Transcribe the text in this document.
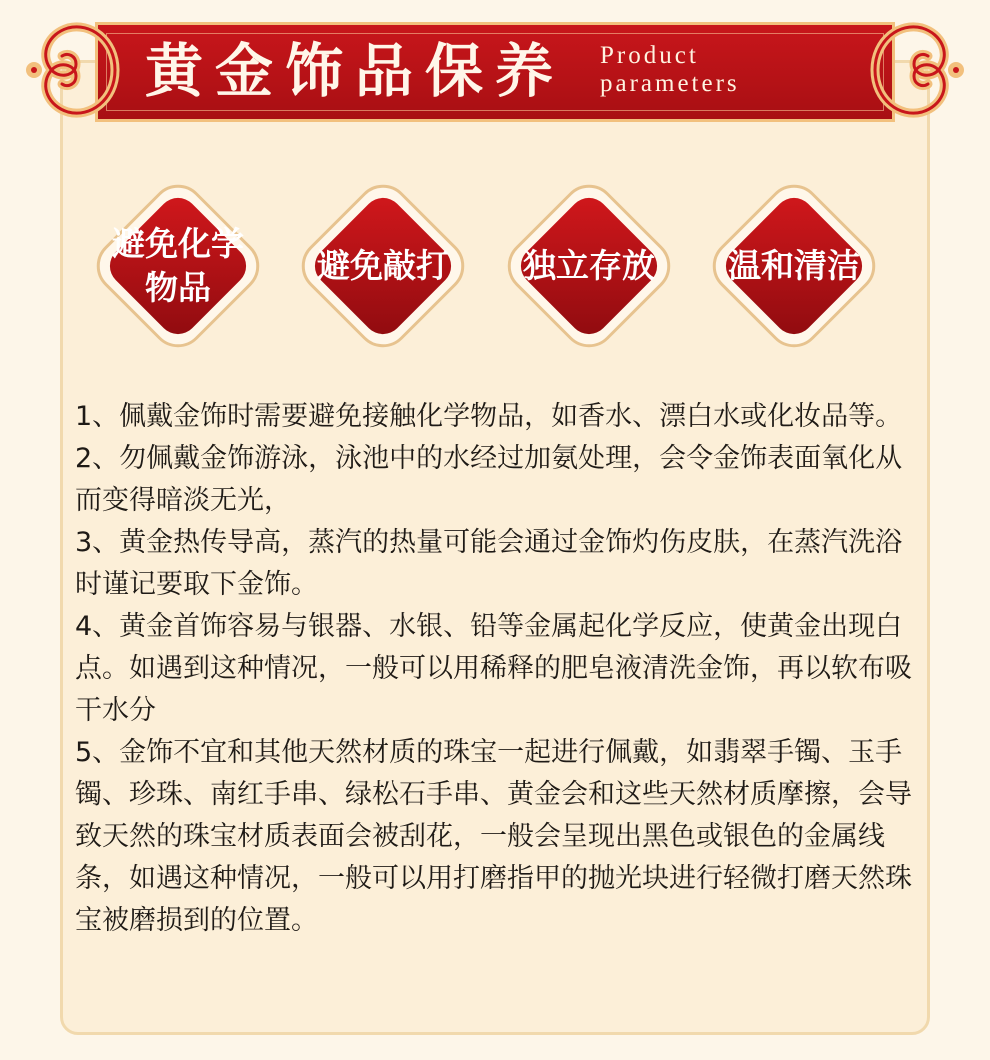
黄金饰品保养 Product
parameters
避免化学
物品
避免敲打	独立存放	温和清洁

1、佩戴金饰时需要避免接触化学物品，如香水、漂白水或化妆品等。

2、勿佩戴金饰游泳，泳池中的水经过加氨处理，会令金饰表面氧化从而变得暗淡无光，

3、黄金热传导高，蒸汽的热量可能会通过金饰灼伤皮肤，在蒸汽洗浴时谨记要取下金饰。

4、黄金首饰容易与银器、水银、铅等金属起化学反应，使黄金出现白点。如遇到这种情况，一般可以用稀释的肥皂液清洗金饰，再以软布吸干水分

5、金饰不宜和其他天然材质的珠宝一起进行佩戴，如翡翠手镯、玉手镯、珍珠、南红手串、绿松石手串、黄金会和这些天然材质摩擦，会导致天然的珠宝材质表面会被刮花，一般会呈现出黑色或银色的金属线条，如遇这种情况，一般可以用打磨指甲的抛光块进行轻微打磨天然珠宝被磨损到的位置。
